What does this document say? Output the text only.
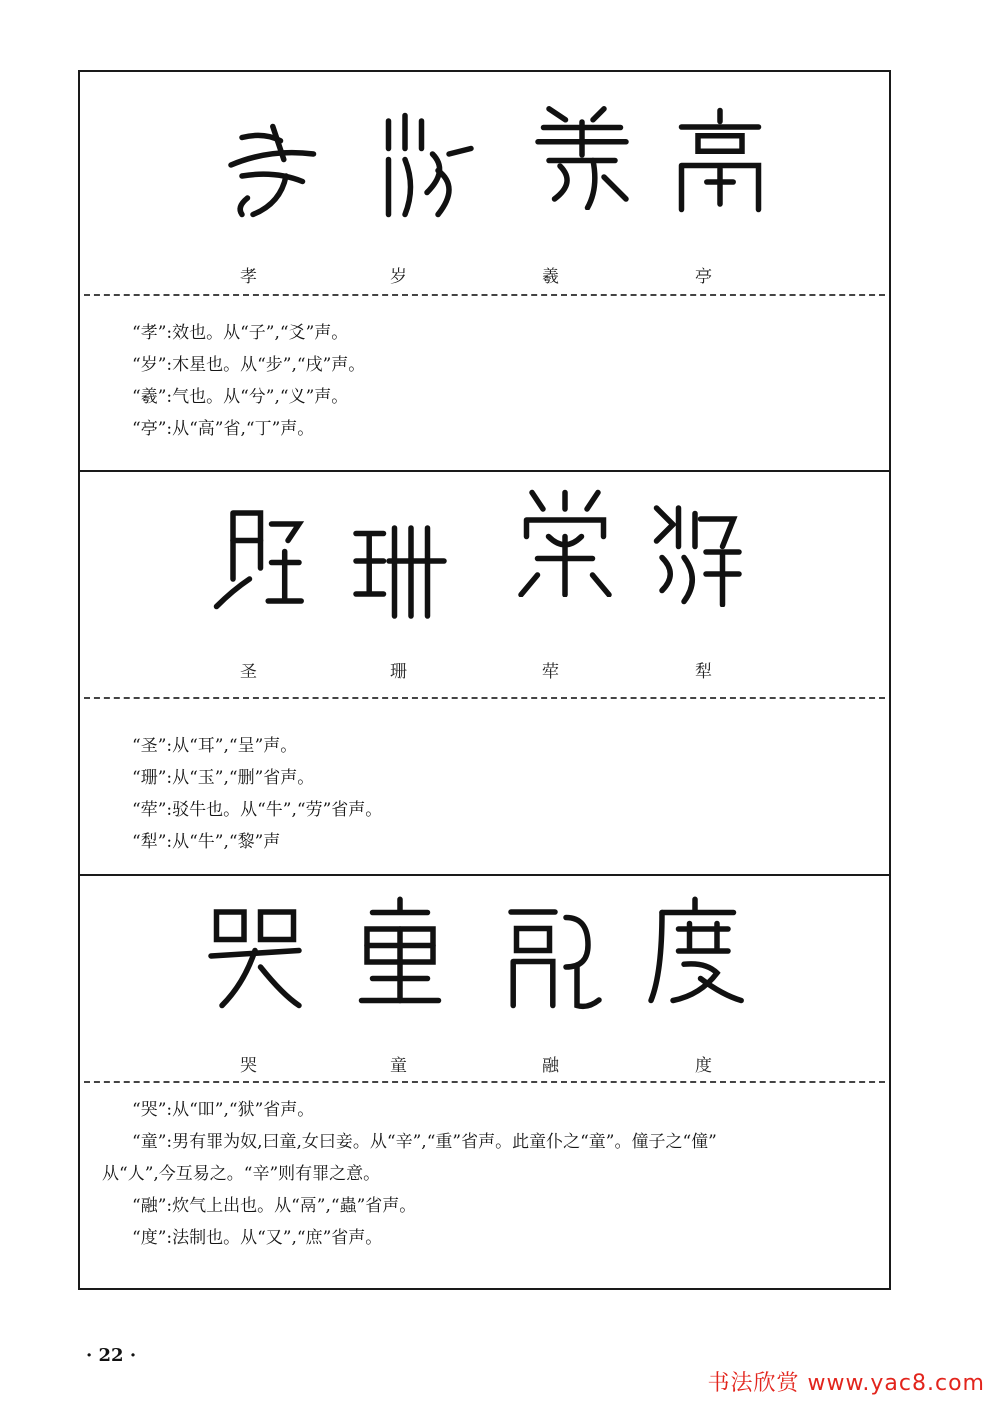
孝	岁	羲	亭
“孝”:效也。从“子”,“爻”声。
“岁”:木星也。从“步”,“戌”声。
“羲”:气也。从“兮”,“义”声。
“亭”:从“高”省,“丁”声。
圣	珊	荦	犁
“圣”:从“耳”,“呈”声。
“珊”:从“玉”,“删”省声。
“荦”:驳牛也。从“牛”,“劳”省声。
“犁”:从“牛”,“黎”声
哭	童	融	度
“哭”:从“吅”,“狱”省声。
“童”:男有罪为奴,曰童,女曰妾。从“辛”,“重”省声。此童仆之“童”。僮子之“僮”
从“人”,今互易之。“辛”则有罪之意。
“融”:炊气上出也。从“鬲”,“蟲”省声。
“度”:法制也。从“又”,“庶”省声。
· 22 ·
书法欣赏 www.yac8.com
